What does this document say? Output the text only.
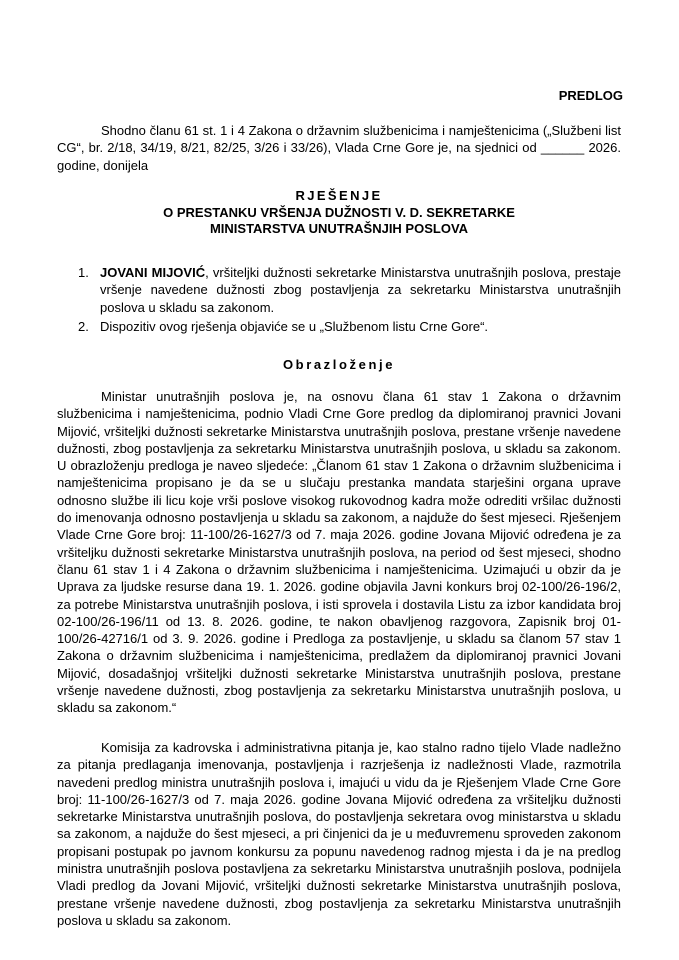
PREDLOG

Shodno članu 61 st. 1 i 4 Zakona o državnim službenicima i namještenicima („Službeni list CG“, br. 2/18, 34/19, 8/21, 82/25, 3/26 i 33/26), Vlada Crne Gore je, na sjednici od ______ 2026. godine, donijela

RJEŠENJE
O PRESTANKU VRŠENJA DUŽNOSTI V. D. SEKRETARKE
MINISTARSTVA UNUTRAŠNJIH POSLOVA
1. JOVANI MIJOVIĆ, vršiteljki dužnosti sekretarke Ministarstva unutrašnjih poslova, prestaje vršenje navedene dužnosti zbog postavljenja za sekretarku Ministarstva unutrašnjih poslova u skladu sa zakonom.
2. Dispozitiv ovog rješenja objaviće se u „Službenom listu Crne Gore“.
Obrazloženje

Ministar unutrašnjih poslova je, na osnovu člana 61 stav 1 Zakona o državnim službenicima i namještenicima, podnio Vladi Crne Gore predlog da diplomiranoj pravnici Jovani Mijović, vršiteljki dužnosti sekretarke Ministarstva unutrašnjih poslova, prestane vršenje navedene dužnosti, zbog postavljenja za sekretarku Ministarstva unutrašnjih poslova, u skladu sa zakonom. U obrazloženju predloga je naveo sljedeće: „Članom 61 stav 1 Zakona o državnim službenicima i namještenicima propisano je da se u slučaju prestanka mandata starješini organa uprave odnosno službe ili licu koje vrši poslove visokog rukovodnog kadra može odrediti vršilac dužnosti do imenovanja odnosno postavljenja u skladu sa zakonom, a najduže do šest mjeseci. Rješenjem Vlade Crne Gore broj: 11-100/26-1627/3 od 7. maja 2026. godine Jovana Mijović određena je za vršiteljku dužnosti sekretarke Ministarstva unutrašnjih poslova, na period od šest mjeseci, shodno članu 61 stav 1 i 4 Zakona o državnim službenicima i namještenicima. Uzimajući u obzir da je Uprava za ljudske resurse dana 19. 1. 2026. godine objavila Javni konkurs broj 02-100/26-196/2, za potrebe Ministarstva unutrašnjih poslova, i isti sprovela i dostavila Listu za izbor kandidata broj 02-100/26-196/11 od 13. 8. 2026. godine, te nakon obavljenog razgovora, Zapisnik broj 01-100/26-42716/1 od 3. 9. 2026. godine i Predloga za postavljenje, u skladu sa članom 57 stav 1 Zakona o državnim službenicima i namještenicima, predlažem da diplomiranoj pravnici Jovani Mijović, dosadašnjoj vršiteljki dužnosti sekretarke Ministarstva unutrašnjih poslova, prestane vršenje navedene dužnosti, zbog postavljenja za sekretarku Ministarstva unutrašnjih poslova, u skladu sa zakonom.“

Komisija za kadrovska i administrativna pitanja je, kao stalno radno tijelo Vlade nadležno za pitanja predlaganja imenovanja, postavljenja i razrješenja iz nadležnosti Vlade, razmotrila navedeni predlog ministra unutrašnjih poslova i, imajući u vidu da je Rješenjem Vlade Crne Gore broj: 11-100/26-1627/3 od 7. maja 2026. godine Jovana Mijović određena za vršiteljku dužnosti sekretarke Ministarstva unutrašnjih poslova, do postavljenja sekretara ovog ministarstva u skladu sa zakonom, a najduže do šest mjeseci, a pri činjenici da je u međuvremenu sproveden zakonom propisani postupak po javnom konkursu za popunu navedenog radnog mjesta i da je na predlog ministra unutrašnjih poslova postavljena za sekretarku Ministarstva unutrašnjih poslova, podnijela Vladi predlog da Jovani Mijović, vršiteljki dužnosti sekretarke Ministarstva unutrašnjih poslova, prestane vršenje navedene dužnosti, zbog postavljenja za sekretarku Ministarstva unutrašnjih poslova u skladu sa zakonom.
